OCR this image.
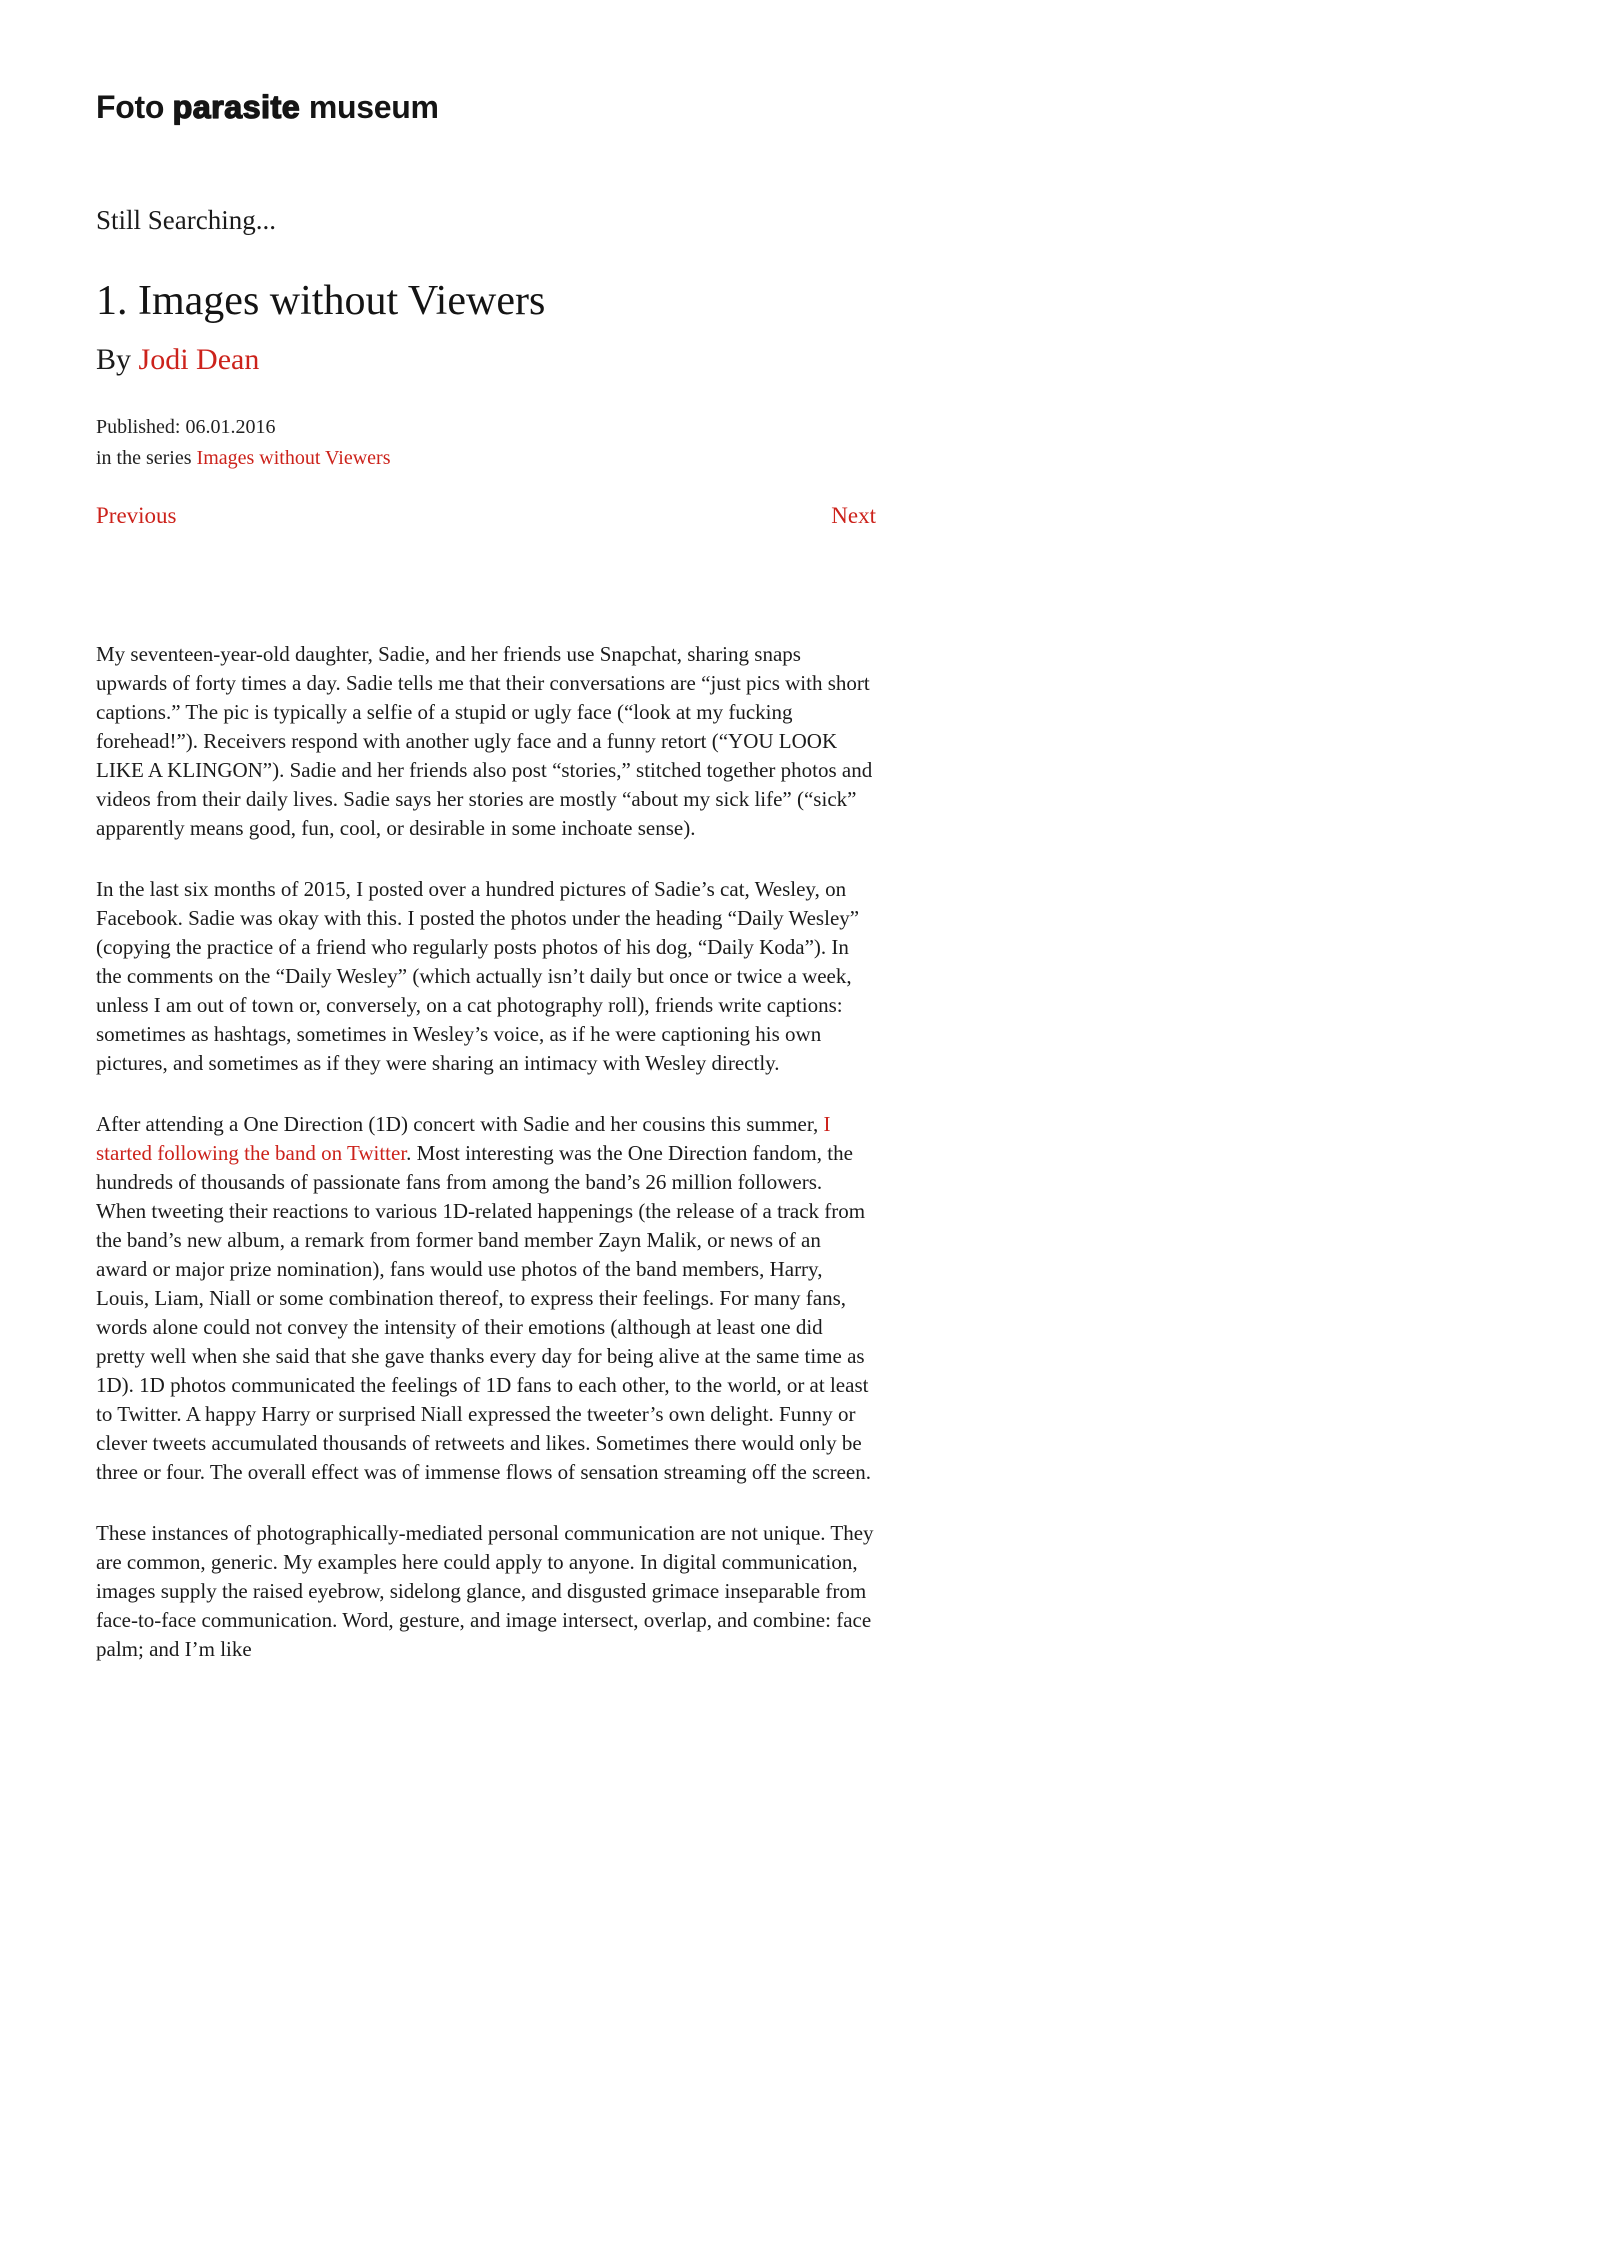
Foto parasite museum
Still Searching...
1. Images without Viewers
By Jodi Dean
Published: 06.01.2016
in the series Images without Viewers
Previous	Next

My seventeen-year-old daughter, Sadie, and her friends use Snapchat, sharing snaps upwards of forty times a day. Sadie tells me that their conversations are “just pics with short captions.” The pic is typically a selfie of a stupid or ugly face (“look at my fucking forehead!”). Receivers respond with another ugly face and a funny retort (“YOU LOOK LIKE A KLINGON”). Sadie and her friends also post “stories,” stitched together photos and videos from their daily lives. Sadie says her stories are mostly “about my sick life” (“sick” apparently means good, fun, cool, or desirable in some inchoate sense).

In the last six months of 2015, I posted over a hundred pictures of Sadie’s cat, Wesley, on Facebook. Sadie was okay with this. I posted the photos under the heading “Daily Wesley” (copying the practice of a friend who regularly posts photos of his dog, “Daily Koda”). In the comments on the “Daily Wesley” (which actually isn’t daily but once or twice a week, unless I am out of town or, conversely, on a cat photography roll), friends write captions: sometimes as hashtags, sometimes in Wesley’s voice, as if he were captioning his own pictures, and sometimes as if they were sharing an intimacy with Wesley directly.

After attending a One Direction (1D) concert with Sadie and her cousins this summer, I started following the band on Twitter. Most interesting was the One Direction fandom, the hundreds of thousands of passionate fans from among the band’s 26 million followers. When tweeting their reactions to various 1D-related happenings (the release of a track from the band’s new album, a remark from former band member Zayn Malik, or news of an award or major prize nomination), fans would use photos of the band members, Harry, Louis, Liam, Niall or some combination thereof, to express their feelings. For many fans, words alone could not convey the intensity of their emotions (although at least one did pretty well when she said that she gave thanks every day for being alive at the same time as 1D). 1D photos communicated the feelings of 1D fans to each other, to the world, or at least to Twitter. A happy Harry or surprised Niall expressed the tweeter’s own delight. Funny or clever tweets accumulated thousands of retweets and likes. Sometimes there would only be three or four. The overall effect was of immense flows of sensation streaming off the screen.

These instances of photographically-mediated personal communication are not unique. They are common, generic. My examples here could apply to anyone. In digital communication, images supply the raised eyebrow, sidelong glance, and disgusted grimace inseparable from face-to-face communication. Word, gesture, and image intersect, overlap, and combine: face palm; and I’m like
